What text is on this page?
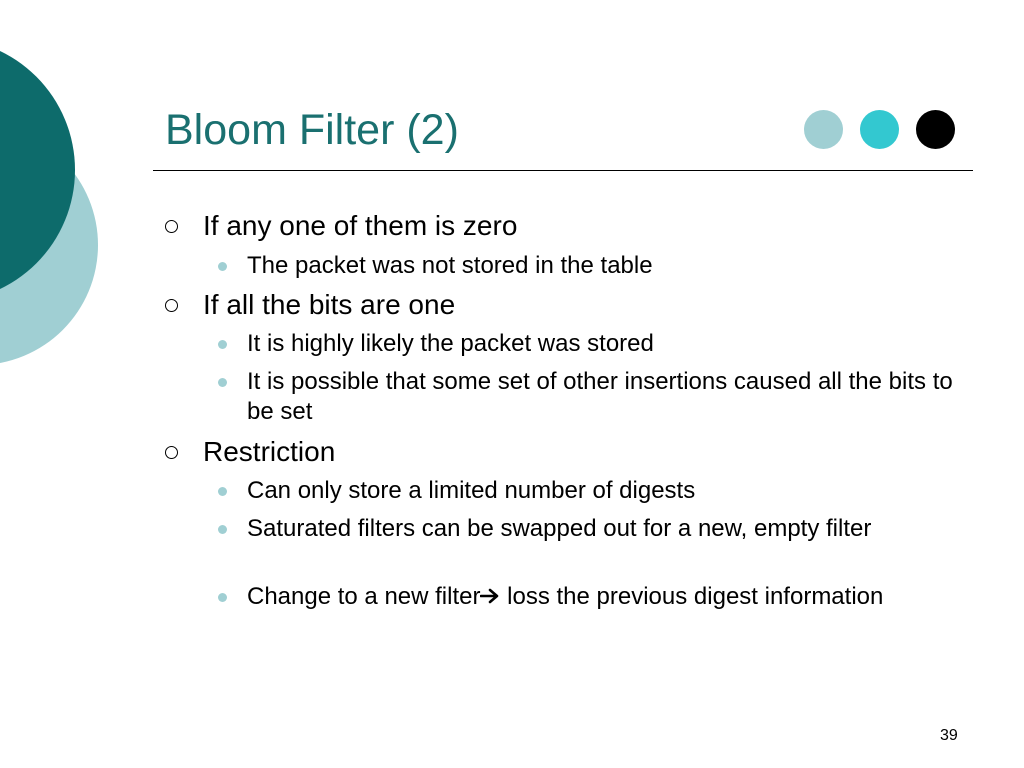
Bloom Filter (2)
If any one of them is zero
The packet was not stored in the table
If all the bits are one
It is highly likely the packet was stored
It is possible that some set of other insertions caused all the bits to be set
Restriction
Can only store a limited number of digests
Saturated filters can be swapped out for a new, empty filter
Change to a new filter loss the previous digest information
39
